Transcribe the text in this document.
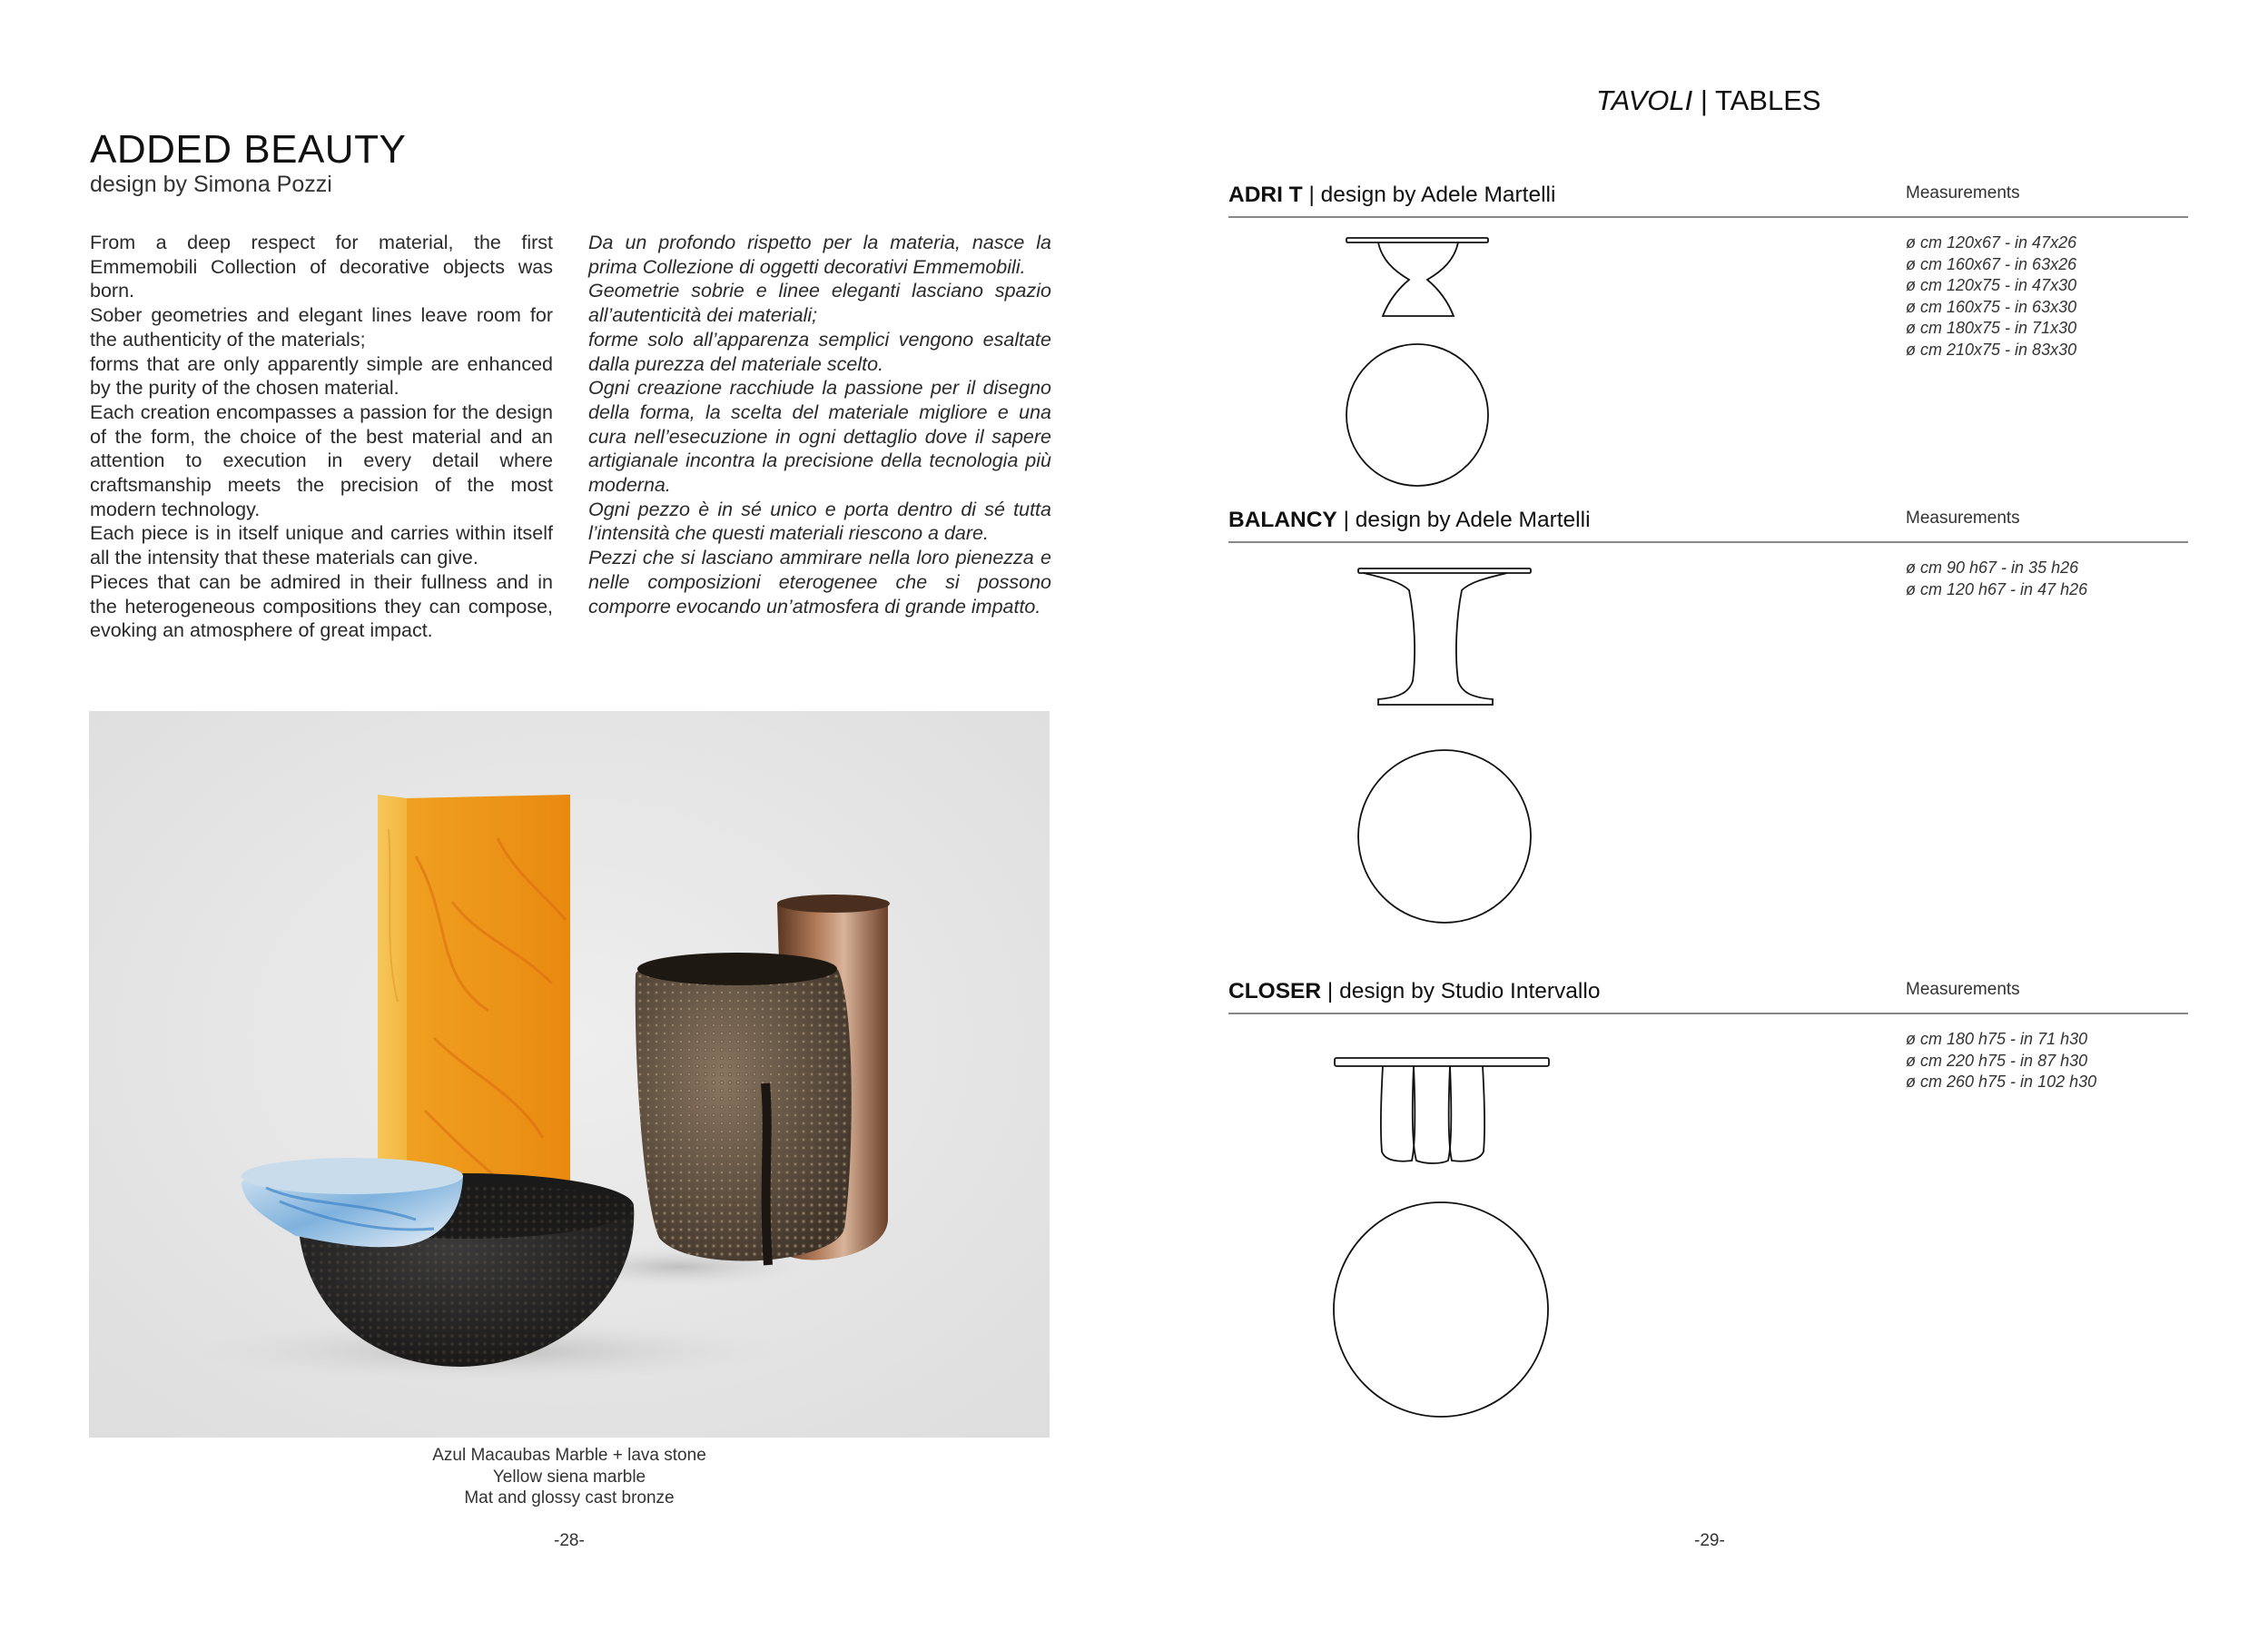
ADDED BEAUTY
design by Simona Pozzi

From a deep respect for material, the first Emmemobili Collection of decorative objects was born.

Sober geometries and elegant lines leave room for the authenticity of the materials;

forms that are only apparently simple are enhanced by the purity of the chosen material.

Each creation encompasses a passion for the design of the form, the choice of the best material and an attention to execution in every detail where craftsmanship meets the precision of the most modern technology.

Each piece is in itself unique and carries within itself all the intensity that these materials can give.

Pieces that can be admired in their fullness and in the heterogeneous compositions they can compose, evoking an atmosphere of great impact.

Da un profondo rispetto per la materia, nasce la prima Collezione di oggetti decorativi Emmemobili.

Geometrie sobrie e linee eleganti lasciano spazio all’autenticità dei materiali;

forme solo all’apparenza semplici vengono esaltate dalla purezza del materiale scelto.

Ogni creazione racchiude la passione per il disegno della forma, la scelta del materiale migliore e una cura nell’esecuzione in ogni dettaglio dove il sapere artigianale incontra la precisione della tecnologia più moderna.

Ogni pezzo è in sé unico e porta dentro di sé tutta l’intensità che questi materiali riescono a dare.

Pezzi che si lasciano ammirare nella loro pienezza e nelle composizioni eterogenee che si possono comporre evocando un’atmosfera di grande impatto.

Azul Macaubas Marble + lava stone
Yellow siena marble
Mat and glossy cast bronze
-28-
TAVOLI | TABLES
ADRI T | design by Adele Martelli	Measurements
ø cm 120x67 - in 47x26
ø cm 160x67 - in 63x26
ø cm 120x75 - in 47x30
ø cm 160x75 - in 63x30
ø cm 180x75 - in 71x30
ø cm 210x75 - in 83x30
BALANCY | design by Adele Martelli	Measurements
ø cm 90 h67 - in 35 h26
ø cm 120 h67 - in 47 h26
CLOSER | design by Studio Intervallo	Measurements
ø cm 180 h75 - in 71 h30
ø cm 220 h75 - in 87 h30
ø cm 260 h75 - in 102 h30
-29-
